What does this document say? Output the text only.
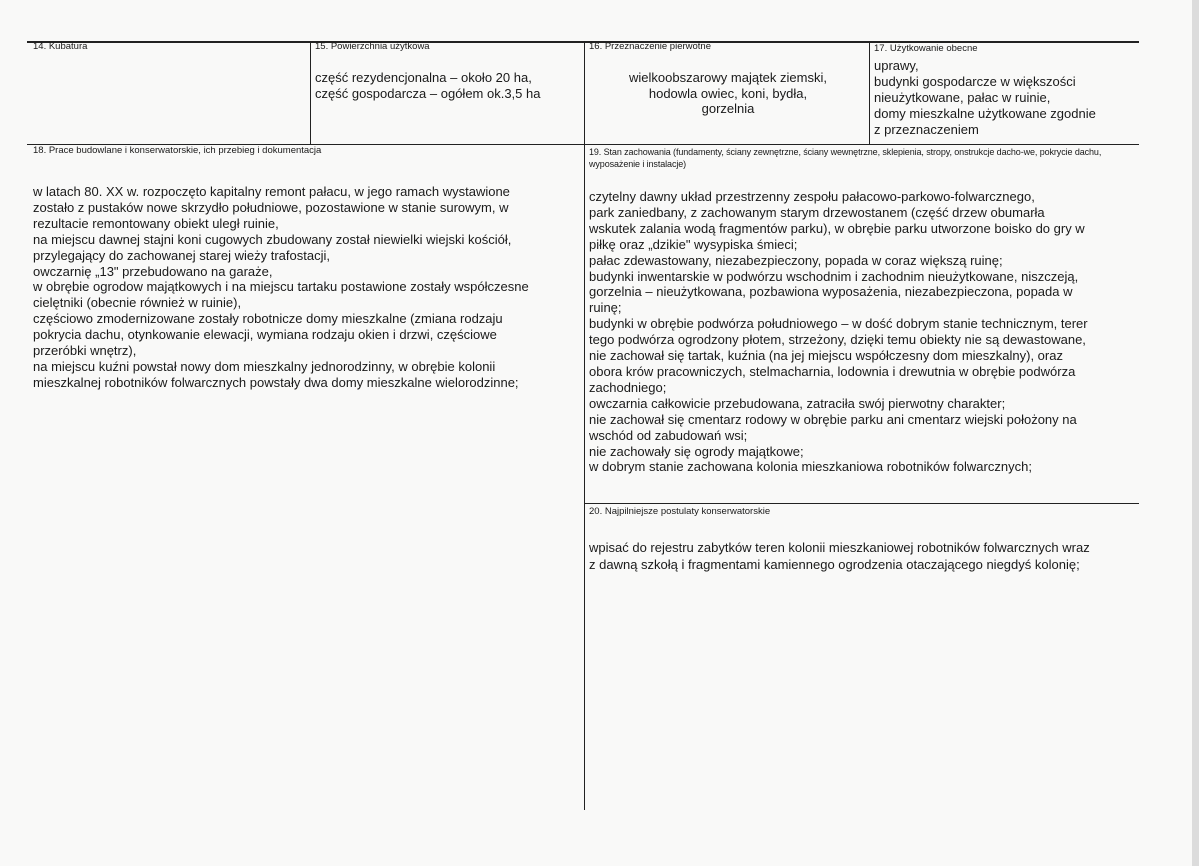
14. Kubatura	15. Powierzchnia użytkowa
część rezydencjonalna – około 20 ha,
część gospodarcza – ogółem ok.3,5 ha
16. Przeznaczenie pierwotne
wielkoobszarowy majątek ziemski,
hodowla owiec, koni, bydła,
gorzelnia
17. Użytkowanie obecne
uprawy,
budynki gospodarcze w większości
nieużytkowane, pałac w ruinie,
domy mieszkalne użytkowane zgodnie
z przeznaczeniem
18. Prace budowlane i konserwatorskie, ich przebieg i dokumentacja
w latach 80. XX w. rozpoczęto kapitalny remont pałacu, w jego ramach wystawione
zostało z pustaków nowe skrzydło południowe, pozostawione w stanie surowym, w
rezultacie remontowany obiekt uległ ruinie,
na miejscu dawnej stajni koni cugowych zbudowany został niewielki wiejski kościół,
przylegający do zachowanej starej wieży trafostacji,
owczarnię „13" przebudowano na garaże,
w obrębie ogrodow majątkowych i na miejscu tartaku postawione zostały współczesne
cielętniki (obecnie również w ruinie),
częściowo zmodernizowane zostały robotnicze domy mieszkalne (zmiana rodzaju
pokrycia dachu, otynkowanie elewacji, wymiana rodzaju okien i drzwi, częściowe
przeróbki wnętrz),
na miejscu kuźni powstał nowy dom mieszkalny jednorodzinny, w obrębie kolonii
mieszkalnej robotników folwarcznych powstały dwa domy mieszkalne wielorodzinne;
19. Stan zachowania (fundamenty, ściany zewnętrzne, ściany wewnętrzne, sklepienia, stropy, onstrukcje dacho-we, pokrycie dachu, wyposażenie i instalacje)
czytelny dawny układ przestrzenny zespołu pałacowo-parkowo-folwarcznego,
park zaniedbany, z zachowanym starym drzewostanem (część drzew obumarła
wskutek zalania wodą fragmentów parku), w obrębie parku utworzone boisko do gry w
piłkę oraz „dzikie" wysypiska śmieci;
pałac zdewastowany, niezabezpieczony, popada w coraz większą ruinę;
budynki inwentarskie w podwórzu wschodnim i zachodnim nieużytkowane, niszczeją,
gorzelnia – nieużytkowana, pozbawiona wyposażenia, niezabezpieczona, popada w
ruinę;
budynki w obrębie podwórza południowego – w dość dobrym stanie technicznym, terer
tego podwórza ogrodzony płotem, strzeżony, dzięki temu obiekty nie są dewastowane,
nie zachował się tartak, kuźnia (na jej miejscu współczesny dom mieszkalny), oraz
obora krów pracowniczych, stelmacharnia, lodownia i drewutnia w obrębie podwórza
zachodniego;
owczarnia całkowicie przebudowana, zatraciła swój pierwotny charakter;
nie zachował się cmentarz rodowy w obrębie parku ani cmentarz wiejski położony na
wschód od zabudowań wsi;
nie zachowały się ogrody majątkowe;
w dobrym stanie zachowana kolonia mieszkaniowa robotników folwarcznych;
20. Najpilniejsze postulaty konserwatorskie
wpisać do rejestru zabytków teren kolonii mieszkaniowej robotników folwarcznych wraz
z dawną szkołą i fragmentami kamiennego ogrodzenia otaczającego niegdyś kolonię;
